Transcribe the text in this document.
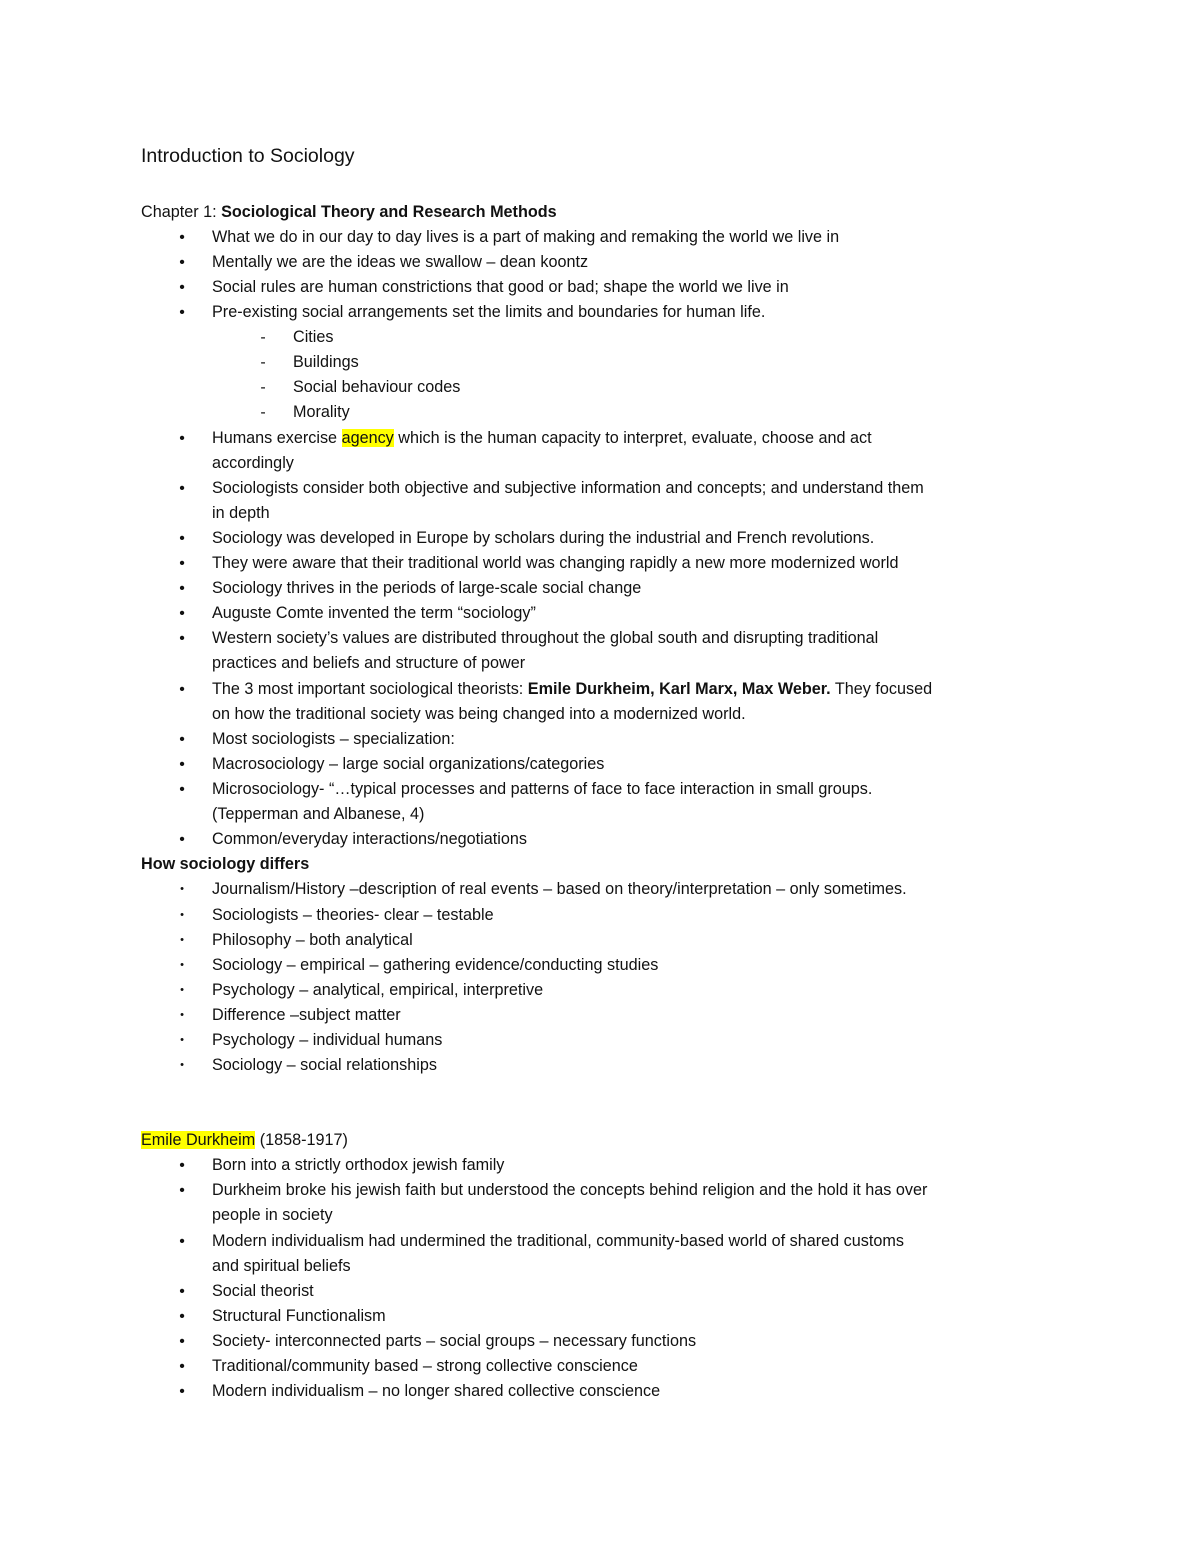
Introduction to Sociology
Chapter 1: Sociological Theory and Research Methods
• What we do in our day to day lives is a part of making and remaking the world we live in
• Mentally we are the ideas we swallow – dean koontz
• Social rules are human constrictions that good or bad; shape the world we live in
• Pre-existing social arrangements set the limits and boundaries for human life.
- Cities
- Buildings
- Social behaviour codes
- Morality
• Humans exercise agency which is the human capacity to interpret, evaluate, choose and act
accordingly
• Sociologists consider both objective and subjective information and concepts; and understand them
in depth
• Sociology was developed in Europe by scholars during the industrial and French revolutions.
• They were aware that their traditional world was changing rapidly a new more modernized world
• Sociology thrives in the periods of large-scale social change
• Auguste Comte invented the term “sociology”
• Western society’s values are distributed throughout the global south and disrupting traditional
practices and beliefs and structure of power
• The 3 most important sociological theorists: Emile Durkheim, Karl Marx, Max Weber. They focused
on how the traditional society was being changed into a modernized world.
• Most sociologists – specialization:
• Macrosociology – large social organizations/categories
• Microsociology- “…typical processes and patterns of face to face interaction in small groups.
(Tepperman and Albanese, 4)
• Common/everyday interactions/negotiations
How sociology differs
• Journalism/History –description of real events – based on theory/interpretation – only sometimes.
• Sociologists – theories- clear – testable
• Philosophy – both analytical
• Sociology – empirical – gathering evidence/conducting studies
• Psychology – analytical, empirical, interpretive
• Difference –subject matter
• Psychology – individual humans
• Sociology – social relationships
Emile Durkheim (1858-1917)
• Born into a strictly orthodox jewish family
• Durkheim broke his jewish faith but understood the concepts behind religion and the hold it has over
people in society
• Modern individualism had undermined the traditional, community-based world of shared customs
and spiritual beliefs
• Social theorist
• Structural Functionalism
• Society- interconnected parts – social groups – necessary functions
• Traditional/community based – strong collective conscience
• Modern individualism – no longer shared collective conscience
